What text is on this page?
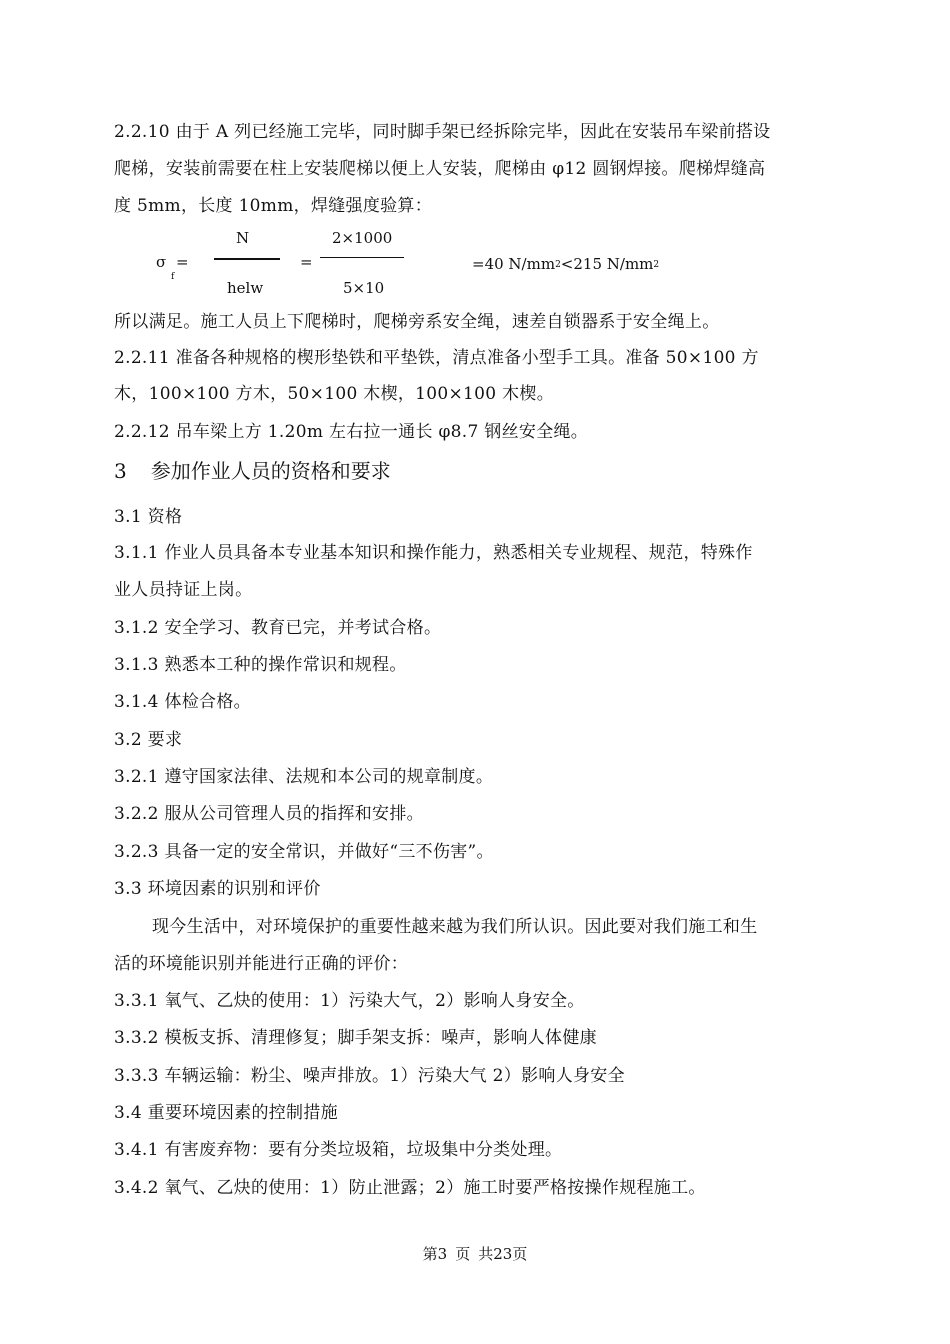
2.2.10 由于 A 列已经施工完毕，同时脚手架已经拆除完毕，因此在安装吊车梁前搭设
爬梯，安装前需要在柱上安装爬梯以便上人安装，爬梯由 φ12 圆钢焊接。爬梯焊缝高
度 5mm，长度 10mm，焊缝强度验算：
σ
f
=
N
helw
=
2×1000
5×10
=40 N/mm2<215 N/mm2
所以满足。施工人员上下爬梯时，爬梯旁系安全绳，速差自锁器系于安全绳上。
2.2.11 准备各种规格的楔形垫铁和平垫铁，清点准备小型手工具。准备 50×100 方
木，100×100 方木，50×100 木楔，100×100 木楔。
2.2.12 吊车梁上方 1.20m 左右拉一通长 φ8.7 钢丝安全绳。
3 参加作业人员的资格和要求
3.1 资格
3.1.1 作业人员具备本专业基本知识和操作能力，熟悉相关专业规程、规范，特殊作
业人员持证上岗。
3.1.2 安全学习、教育已完，并考试合格。
3.1.3 熟悉本工种的操作常识和规程。
3.1.4 体检合格。
3.2 要求
3.2.1 遵守国家法律、法规和本公司的规章制度。
3.2.2 服从公司管理人员的指挥和安排。
3.2.3 具备一定的安全常识，并做好“三不伤害”。
3.3 环境因素的识别和评价
现今生活中，对环境保护的重要性越来越为我们所认识。因此要对我们施工和生
活的环境能识别并能进行正确的评价：
3.3.1 氧气、乙炔的使用：1）污染大气，2）影响人身安全。
3.3.2 模板支拆、清理修复；脚手架支拆：噪声，影响人体健康
3.3.3 车辆运输：粉尘、噪声排放。1）污染大气 2）影响人身安全
3.4 重要环境因素的控制措施
3.4.1 有害废弃物：要有分类垃圾箱，垃圾集中分类处理。
3.4.2 氧气、乙炔的使用：1）防止泄露；2）施工时要严格按操作规程施工。
第3 页 共23页
